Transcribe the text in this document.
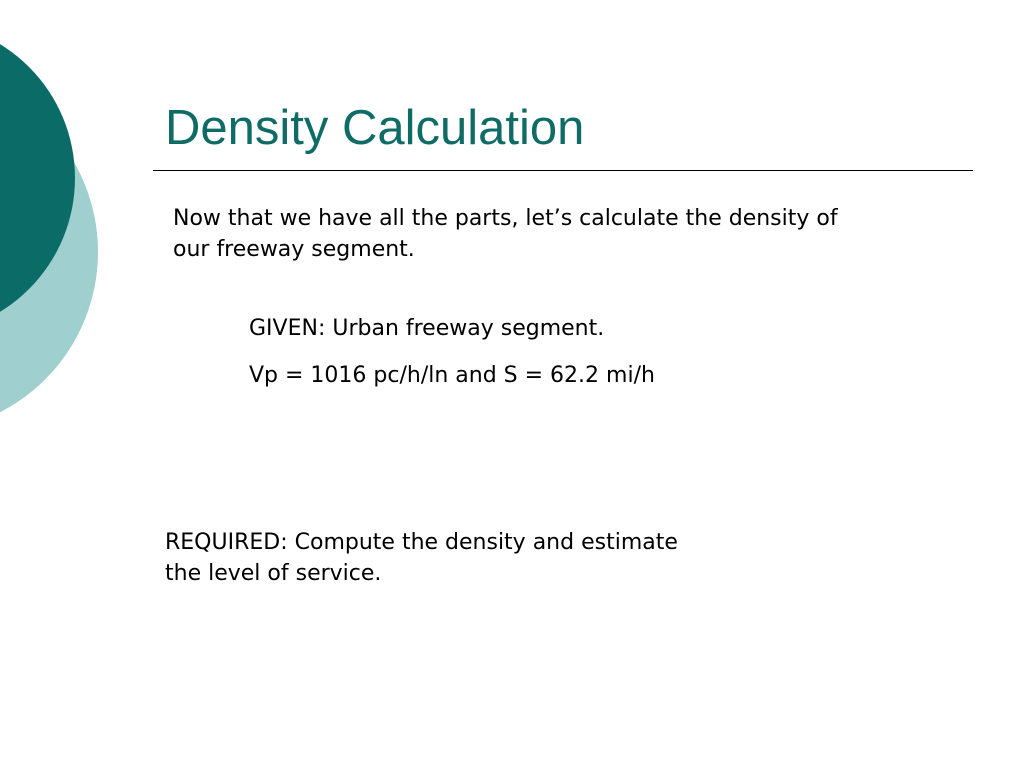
Density Calculation

Now that we have all the parts, let’s calculate the density of our freeway segment.

GIVEN: Urban freeway segment.

Vp = 1016 pc/h/ln and S = 62.2 mi/h

REQUIRED: Compute the density and estimate the level of service.
